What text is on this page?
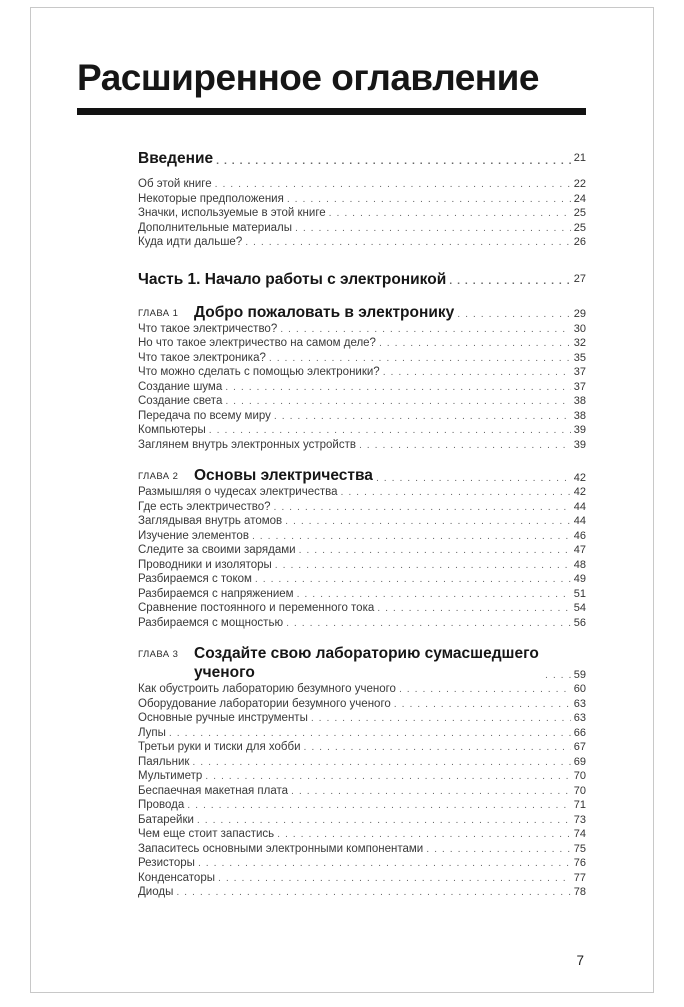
Расширенное оглавление
Введение . . .	21
Об этой книге . . .	22
Некоторые предположения . . .	24
Значки, используемые в этой книге . . .	25
Дополнительные материалы . . .	25
Куда идти дальше? . . .	26
Часть 1. Начало работы с электроникой . . .	27
ГЛАВА 1	Добро пожаловать в электронику . . .	29
Что такое электричество? . . .	30
Но что такое электричество на самом деле? . . .	32
Что такое электроника? . . .	35
Что можно сделать с помощью электроники? . . .	37
Создание шума . . .	37
Создание света . . .	38
Передача по всему миру . . .	38
Компьютеры . . .	39
Заглянем внутрь электронных устройств . . .	39
ГЛАВА 2	Основы электричества . . .	42
Размышляя о чудесах электричества . . .	42
Где есть электричество? . . .	44
Заглядывая внутрь атомов . . .	44
Изучение элементов . . .	46
Следите за своими зарядами . . .	47
Проводники и изоляторы . . .	48
Разбираемся с током . . .	49
Разбираемся с напряжением . . .	51
Сравнение постоянного и переменного тока . . .	54
Разбираемся с мощностью . . .	56
ГЛАВА 3	Создайте свою лабораторию сумасшедшего ученого . . .	59
Как обустроить лабораторию безумного ученого . . .	60
Оборудование лаборатории безумного ученого . . .	63
Основные ручные инструменты . . .	63
Лупы . . .	66
Третьи руки и тиски для хобби . . .	67
Паяльник . . .	69
Мультиметр . . .	70
Беспаечная макетная плата . . .	70
Провода . . .	71
Батарейки . . .	73
Чем еще стоит запастись . . .	74
Запаситесь основными электронными компонентами . . .	75
Резисторы . . .	76
Конденсаторы . . .	77
Диоды . . .	78
7
